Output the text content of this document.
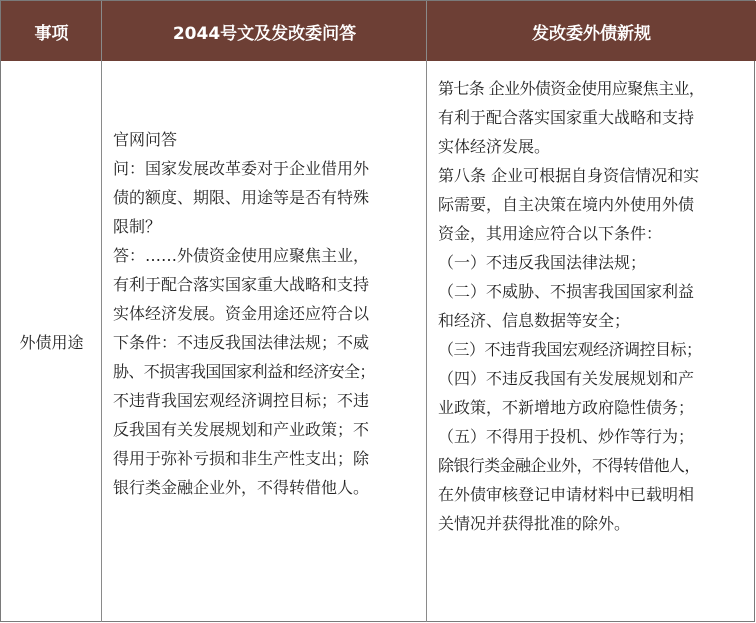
事项	2044号文及发改委问答	发改委外债新规
外债用途
官网问答
问：国家发展改革委对于企业借用外
债的额度、期限、用途等是否有特殊
限制？
答：……外债资金使用应聚焦主业，
有利于配合落实国家重大战略和支持
实体经济发展。资金用途还应符合以
下条件：不违反我国法律法规；不威
胁、不损害我国国家利益和经济安全；
不违背我国宏观经济调控目标；不违
反我国有关发展规划和产业政策；不
得用于弥补亏损和非生产性支出；除
银行类金融企业外，不得转借他人。
第七条 企业外债资金使用应聚焦主业，
有利于配合落实国家重大战略和支持
实体经济发展。
第八条 企业可根据自身资信情况和实
际需要，自主决策在境内外使用外债
资金，其用途应符合以下条件：
（一）不违反我国法律法规；
（二）不威胁、不损害我国国家利益
和经济、信息数据等安全；
（三）不违背我国宏观经济调控目标；
（四）不违反我国有关发展规划和产
业政策，不新增地方政府隐性债务；
（五）不得用于投机、炒作等行为；
除银行类金融企业外，不得转借他人，
在外债审核登记申请材料中已载明相
关情况并获得批准的除外。
